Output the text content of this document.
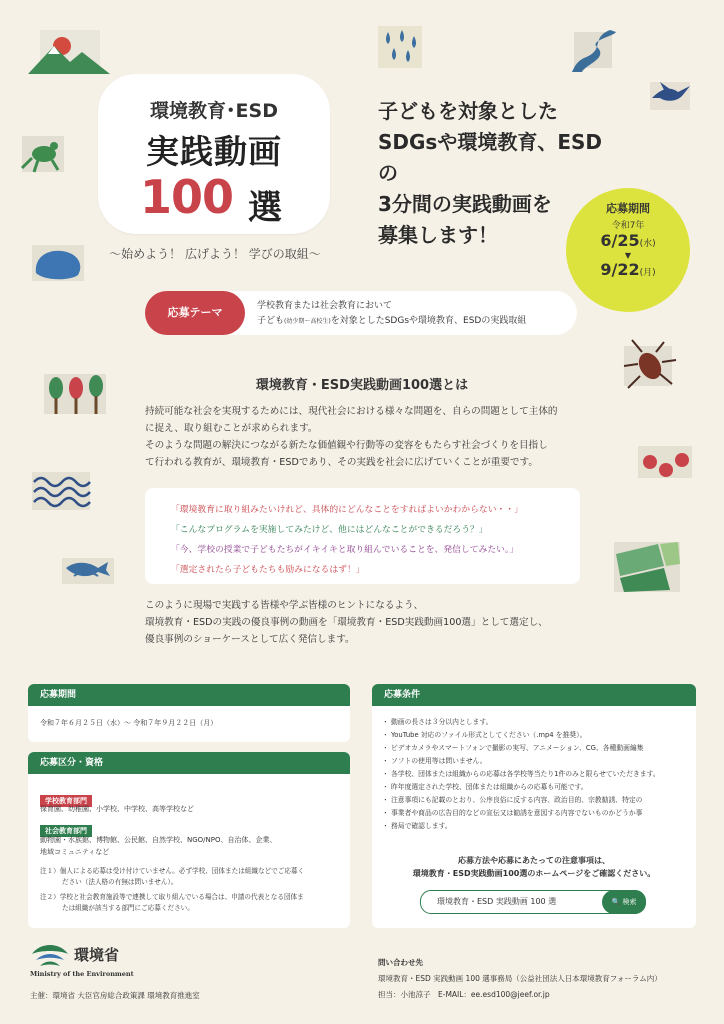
環境教育･ESD
実践動画
100 選
〜始めよう！ 広げよう！ 学びの取組〜
子どもを対象とした
SDGsや環境教育、ESDの
3分間の実践動画を
募集します！
応募期間
令和7年
6/25(水)
▼
9/22(月)
応募テーマ	学校教育または社会教育において
子ども(幼少期〜高校生)を対象としたSDGsや環境教育、ESDの実践取組
環境教育・ESD実践動画100選とは
持続可能な社会を実現するためには、現代社会における様々な問題を、自らの問題として主体的
に捉え、取り組むことが求められます。
そのような問題の解決につながる新たな価値観や行動等の変容をもたらす社会づくりを目指し
て行われる教育が、環境教育・ESDであり、その実践を社会に広げていくことが重要です。
「環境教育に取り組みたいけれど、具体的にどんなことをすればよいかわからない・・」
「こんなプログラムを実施してみたけど、他にはどんなことができるだろう？」
「今、学校の授業で子どもたちがイキイキと取り組んでいることを、発信してみたい。」
「選定されたら子どもたちも励みになるはず！」
このように現場で実践する皆様や学ぶ皆様のヒントになるよう、
環境教育・ESDの実践の優良事例の動画を「環境教育・ESD実践動画100選」として選定し、
優良事例のショーケースとして広く発信します。
応募期間
令和７年６月２５日（水）〜 令和７年９月２２日（月）
応募区分・資格
学校教育部門
保育園、幼稚園、小学校、中学校、高等学校など
社会教育部門
動物園・水族館、博物館、公民館、自然学校、NGO/NPO、自治体、企業、
地域コミュニティなど
注１）個人による応募は受け付けていません。必ず学校、団体または組織などでご応募く
ださい（法人格の有無は問いません）。
注２）学校と社会教育施設等で連携して取り組んでいる場合は、申請の代表となる団体ま
たは組織が該当する部門にご応募ください。
応募条件
・ 動画の長さは３分以内とします。
・ YouTube 対応のファイル形式としてください（.mp4 を推奨）。
・ ビデオカメラやスマートフォンで撮影の実写、アニメーション、CG、各種動画編集
・ ソフトの使用等は問いません。
・ 各学校、団体または組織からの応募は各学校等当たり1件のみと限らせていただきます。
・ 昨年度選定された学校、団体または組織からの応募も可能です。
・ 注意事項にも記載のとおり、公序良俗に反する内容、政治目的、宗教勧誘、特定の
・ 事業者や商品の広告目的などの宣伝又は勧誘を意図する内容でないものかどうか事
・ 務局で確認します。
応募方法や応募にあたっての注意事項は、
環境教育・ESD実践動画100選のホームページをご確認ください。
環境教育・ESD 実践動画 100 選	🔍 検索
環境省
Ministry of the Environment
主催：環境省 大臣官房総合政策課 環境教育推進室
問い合わせ先
環境教育・ESD 実践動画 100 選事務局（公益社団法人日本環境教育フォーラム内）
担当：小池涼子　E-MAIL：ee.esd100@jeef.or.jp
